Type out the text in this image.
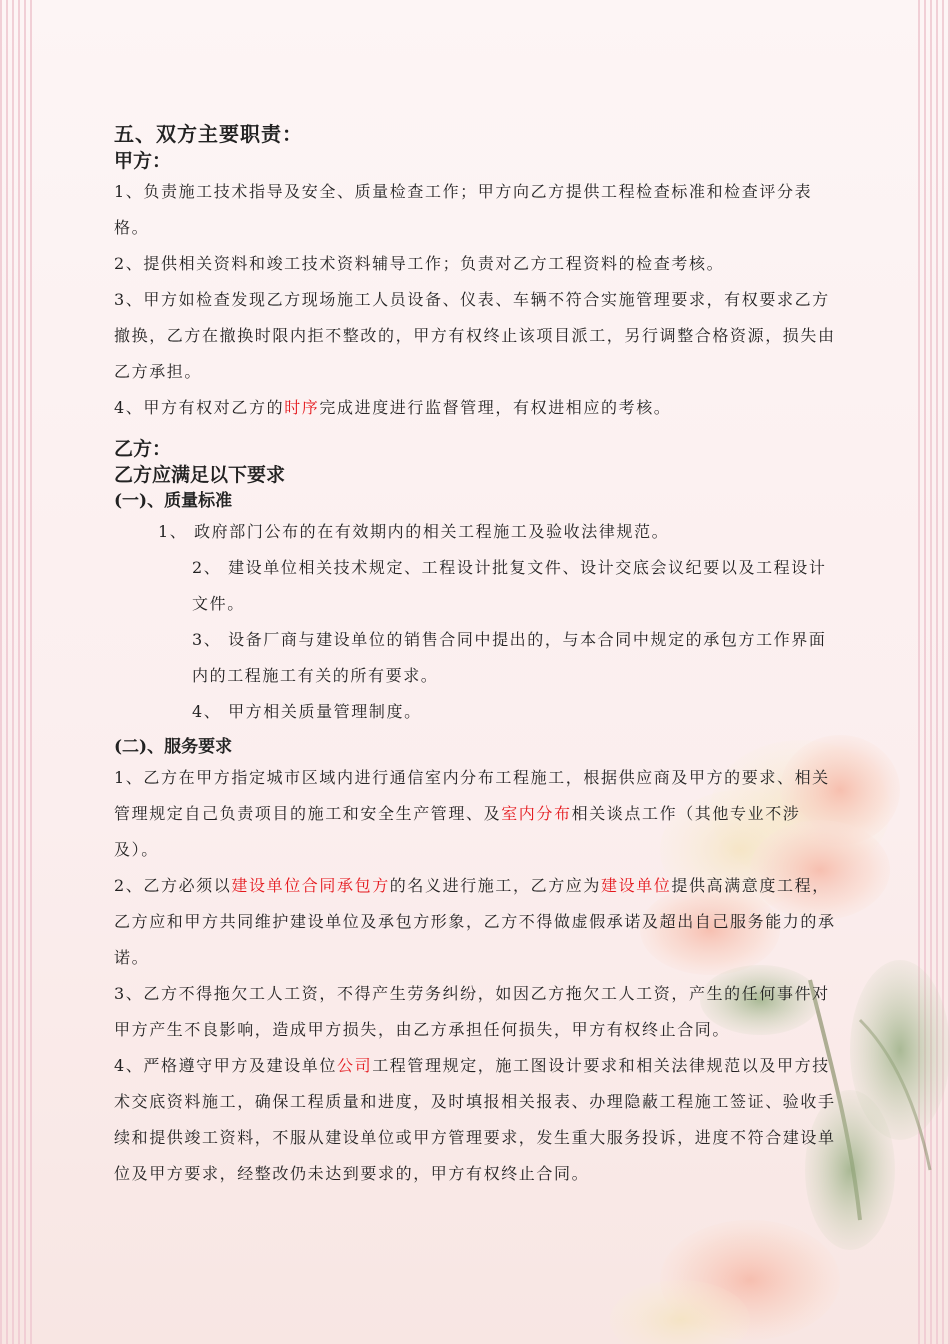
五、双方主要职责：
甲方：

1、负责施工技术指导及安全、质量检查工作；甲方向乙方提供工程检查标准和检查评分表格。

2、提供相关资料和竣工技术资料辅导工作；负责对乙方工程资料的检查考核。

3、甲方如检查发现乙方现场施工人员设备、仪表、车辆不符合实施管理要求，有权要求乙方撤换，乙方在撤换时限内拒不整改的，甲方有权终止该项目派工，另行调整合格资源，损失由乙方承担。

4、甲方有权对乙方的时序完成进度进行监督管理，有权进相应的考核。

乙方：
乙方应满足以下要求
(一)、质量标准

1、 政府部门公布的在有效期内的相关工程施工及验收法律规范。

2、 建设单位相关技术规定、工程设计批复文件、设计交底会议纪要以及工程设计文件。

3、 设备厂商与建设单位的销售合同中提出的，与本合同中规定的承包方工作界面内的工程施工有关的所有要求。

4、 甲方相关质量管理制度。

(二)、服务要求

1、乙方在甲方指定城市区域内进行通信室内分布工程施工，根据供应商及甲方的要求、相关管理规定自己负责项目的施工和安全生产管理、及室内分布相关谈点工作（其他专业不涉及）。

2、乙方必须以建设单位合同承包方的名义进行施工，乙方应为建设单位提供高满意度工程，乙方应和甲方共同维护建设单位及承包方形象，乙方不得做虚假承诺及超出自己服务能力的承诺。

3、乙方不得拖欠工人工资，不得产生劳务纠纷，如因乙方拖欠工人工资，产生的任何事件对甲方产生不良影响，造成甲方损失，由乙方承担任何损失，甲方有权终止合同。

4、严格遵守甲方及建设单位公司工程管理规定，施工图设计要求和相关法律规范以及甲方技术交底资料施工，确保工程质量和进度，及时填报相关报表、办理隐蔽工程施工签证、验收手续和提供竣工资料，不服从建设单位或甲方管理要求，发生重大服务投诉，进度不符合建设单位及甲方要求，经整改仍未达到要求的，甲方有权终止合同。
